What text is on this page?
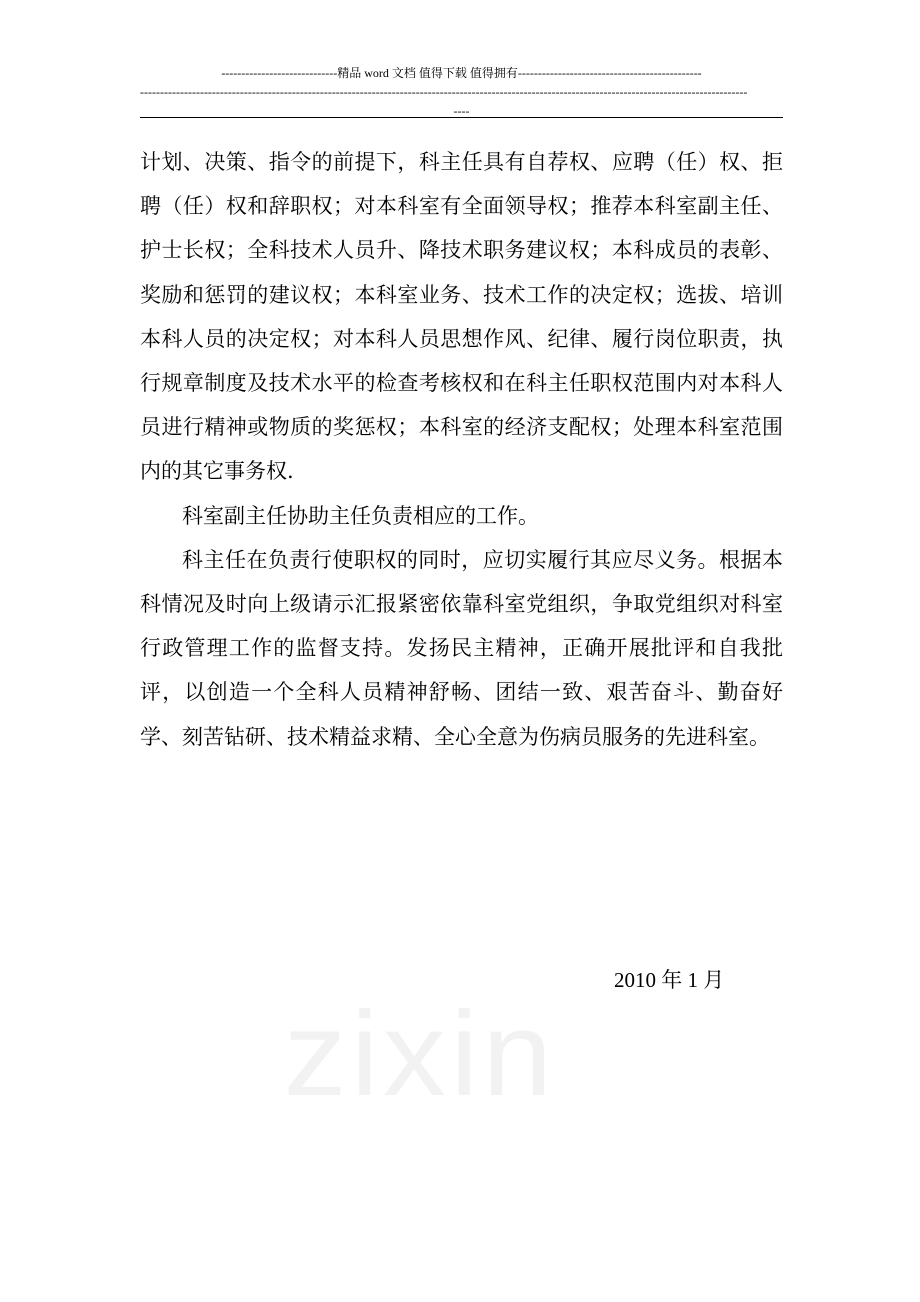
-----------------------------精品 word 文档 值得下载 值得拥有----------------------------------------------
--------------------------------------------------------------------------------------------------------------------------------------------------------
----

计划、决策、指令的前提下，科主任具有自荐权、应聘（任）权、拒聘（任）权和辞职权；对本科室有全面领导权；推荐本科室副主任、护士长权；全科技术人员升、降技术职务建议权；本科成员的表彰、奖励和惩罚的建议权；本科室业务、技术工作的决定权；选拔、培训本科人员的决定权；对本科人员思想作风、纪律、履行岗位职责，执行规章制度及技术水平的检查考核权和在科主任职权范围内对本科人员进行精神或物质的奖惩权；本科室的经济支配权；处理本科室范围内的其它事务权.

科室副主任协助主任负责相应的工作。

科主任在负责行使职权的同时，应切实履行其应尽义务。根据本科情况及时向上级请示汇报紧密依靠科室党组织，争取党组织对科室行政管理工作的监督支持。发扬民主精神，正确开展批评和自我批评，以创造一个全科人员精神舒畅、团结一致、艰苦奋斗、勤奋好学、刻苦钻研、技术精益求精、全心全意为伤病员服务的先进科室。

2010 年 1 月
zixin
